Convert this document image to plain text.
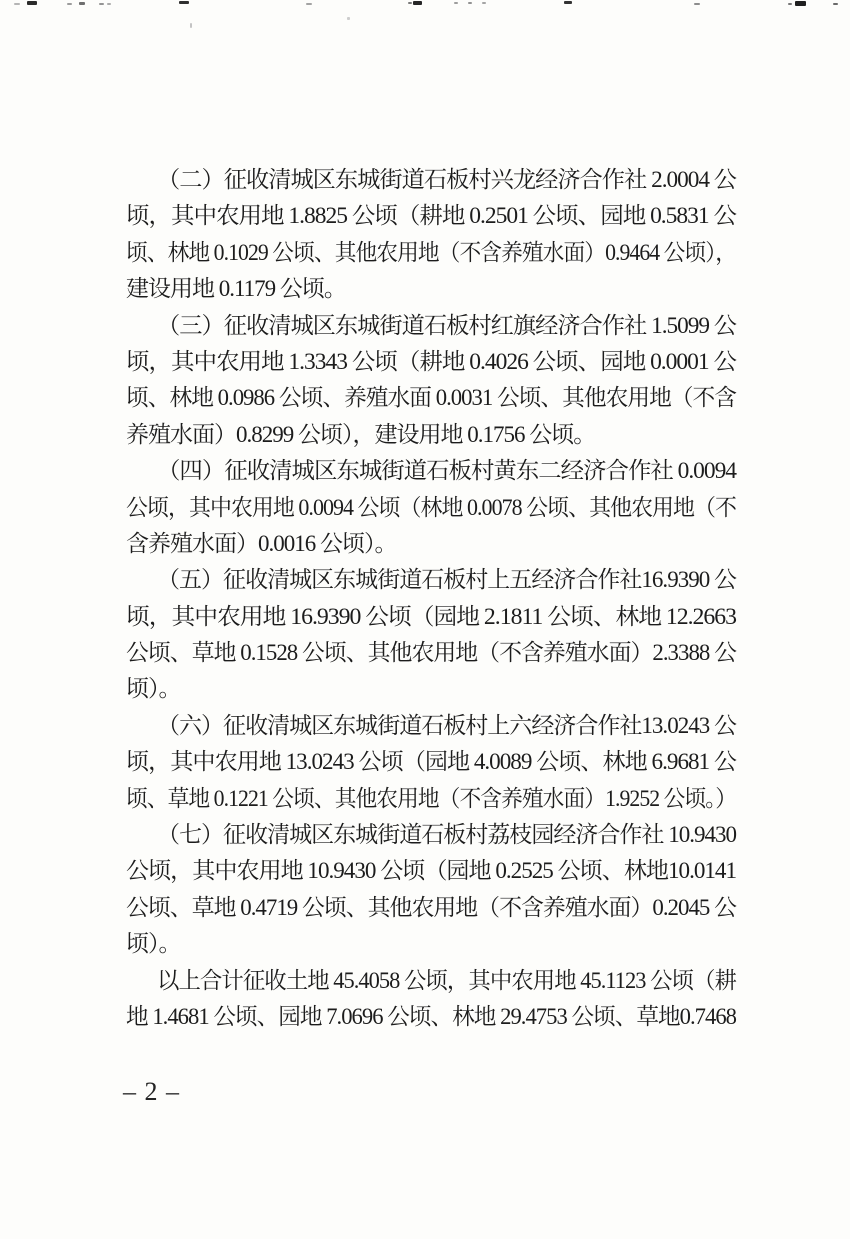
（二）征收清城区东城街道石板村兴龙经济合作社 2.0004 公
顷，其中农用地 1.8825 公顷（耕地 0.2501 公顷、园地 0.5831 公
顷、林地 0.1029 公顷、其他农用地（不含养殖水面）0.9464 公顷），
建设用地 0.1179 公顷。
（三）征收清城区东城街道石板村红旗经济合作社 1.5099 公
顷，其中农用地 1.3343 公顷（耕地 0.4026 公顷、园地 0.0001 公
顷、林地 0.0986 公顷、养殖水面 0.0031 公顷、其他农用地（不含
养殖水面）0.8299 公顷），建设用地 0.1756 公顷。
（四）征收清城区东城街道石板村黄东二经济合作社 0.0094
公顷，其中农用地 0.0094 公顷（林地 0.0078 公顷、其他农用地（不
含养殖水面）0.0016 公顷）。
（五）征收清城区东城街道石板村上五经济合作社16.9390 公
顷，其中农用地 16.9390 公顷（园地 2.1811 公顷、林地 12.2663
公顷、草地 0.1528 公顷、其他农用地（不含养殖水面）2.3388 公
顷）。
（六）征收清城区东城街道石板村上六经济合作社13.0243 公
顷，其中农用地 13.0243 公顷（园地 4.0089 公顷、林地 6.9681 公
顷、草地 0.1221 公顷、其他农用地（不含养殖水面）1.9252 公顷。）
（七）征收清城区东城街道石板村荔枝园经济合作社 10.9430
公顷，其中农用地 10.9430 公顷（园地 0.2525 公顷、林地10.0141
公顷、草地 0.4719 公顷、其他农用地（不含养殖水面）0.2045 公
顷）。
以上合计征收土地 45.4058 公顷，其中农用地 45.1123 公顷（耕
地 1.4681 公顷、园地 7.0696 公顷、林地 29.4753 公顷、草地0.7468
– 2 –
